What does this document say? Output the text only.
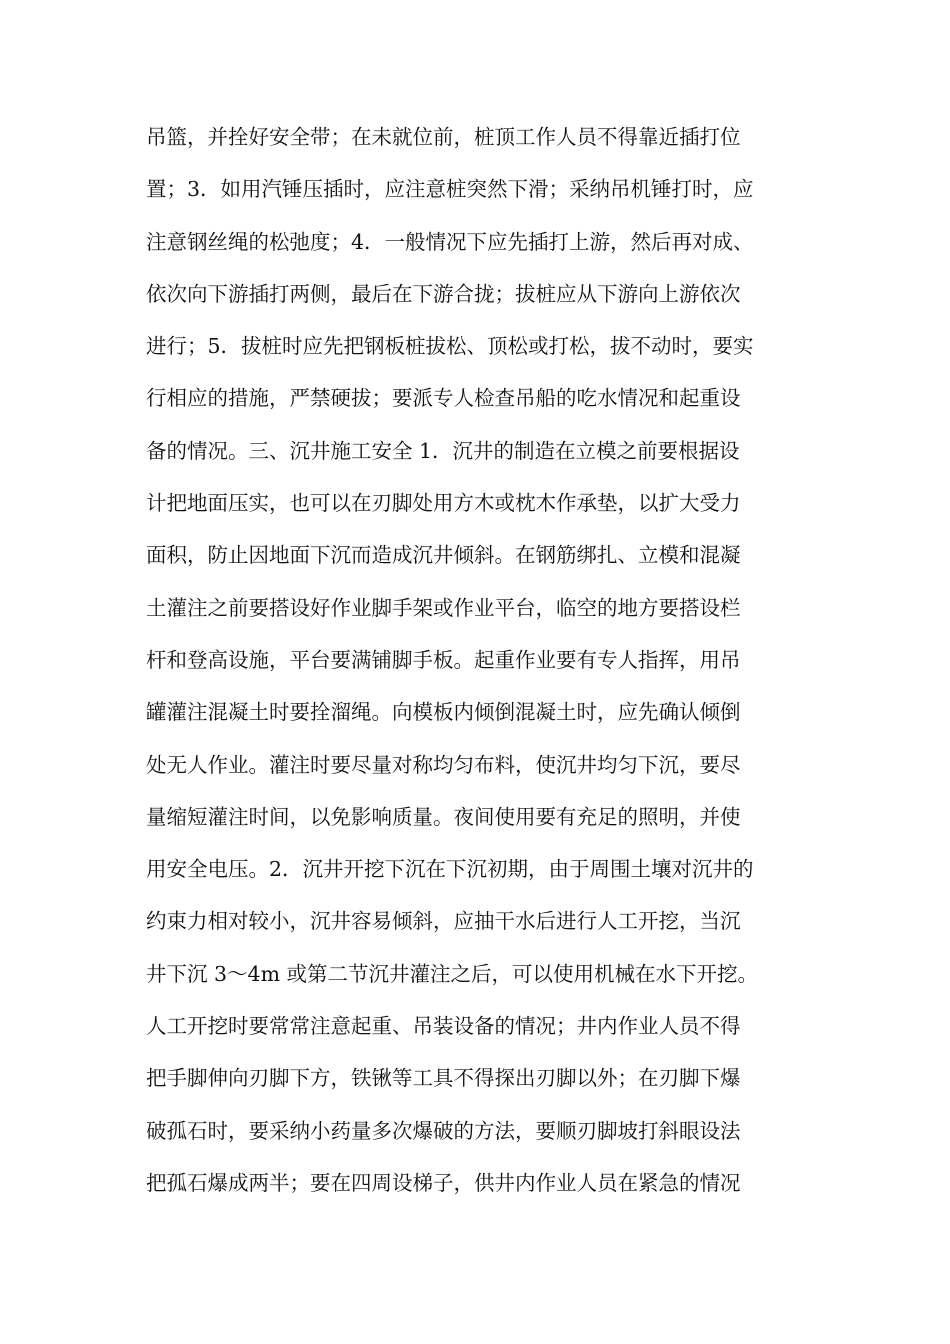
吊篮，并拴好安全带；在未就位前，桩顶工作人员不得靠近插打位
置；3．如用汽锤压插时，应注意桩突然下滑；采纳吊机锤打时，应
注意钢丝绳的松弛度；4．一般情况下应先插打上游，然后再对成、
依次向下游插打两侧，最后在下游合拢；拔桩应从下游向上游依次
进行；5．拔桩时应先把钢板桩拔松、顶松或打松，拔不动时，要实
行相应的措施，严禁硬拔；要派专人检查吊船的吃水情况和起重设
备的情况。三、沉井施工安全 1．沉井的制造在立模之前要根据设
计把地面压实，也可以在刃脚处用方木或枕木作承垫，以扩大受力
面积，防止因地面下沉而造成沉井倾斜。在钢筋绑扎、立模和混凝
土灌注之前要搭设好作业脚手架或作业平台，临空的地方要搭设栏
杆和登高设施，平台要满铺脚手板。起重作业要有专人指挥，用吊
罐灌注混凝土时要拴溜绳。向模板内倾倒混凝土时，应先确认倾倒
处无人作业。灌注时要尽量对称均匀布料，使沉井均匀下沉，要尽
量缩短灌注时间，以免影响质量。夜间使用要有充足的照明，并使
用安全电压。2．沉井开挖下沉在下沉初期，由于周围土壤对沉井的
约束力相对较小，沉井容易倾斜，应抽干水后进行人工开挖，当沉
井下沉 3～4m 或第二节沉井灌注之后，可以使用机械在水下开挖。
人工开挖时要常常注意起重、吊装设备的情况；井内作业人员不得
把手脚伸向刃脚下方，铁锹等工具不得探出刃脚以外；在刃脚下爆
破孤石时，要采纳小药量多次爆破的方法，要顺刃脚坡打斜眼设法
把孤石爆成两半；要在四周设梯子，供井内作业人员在紧急的情况
